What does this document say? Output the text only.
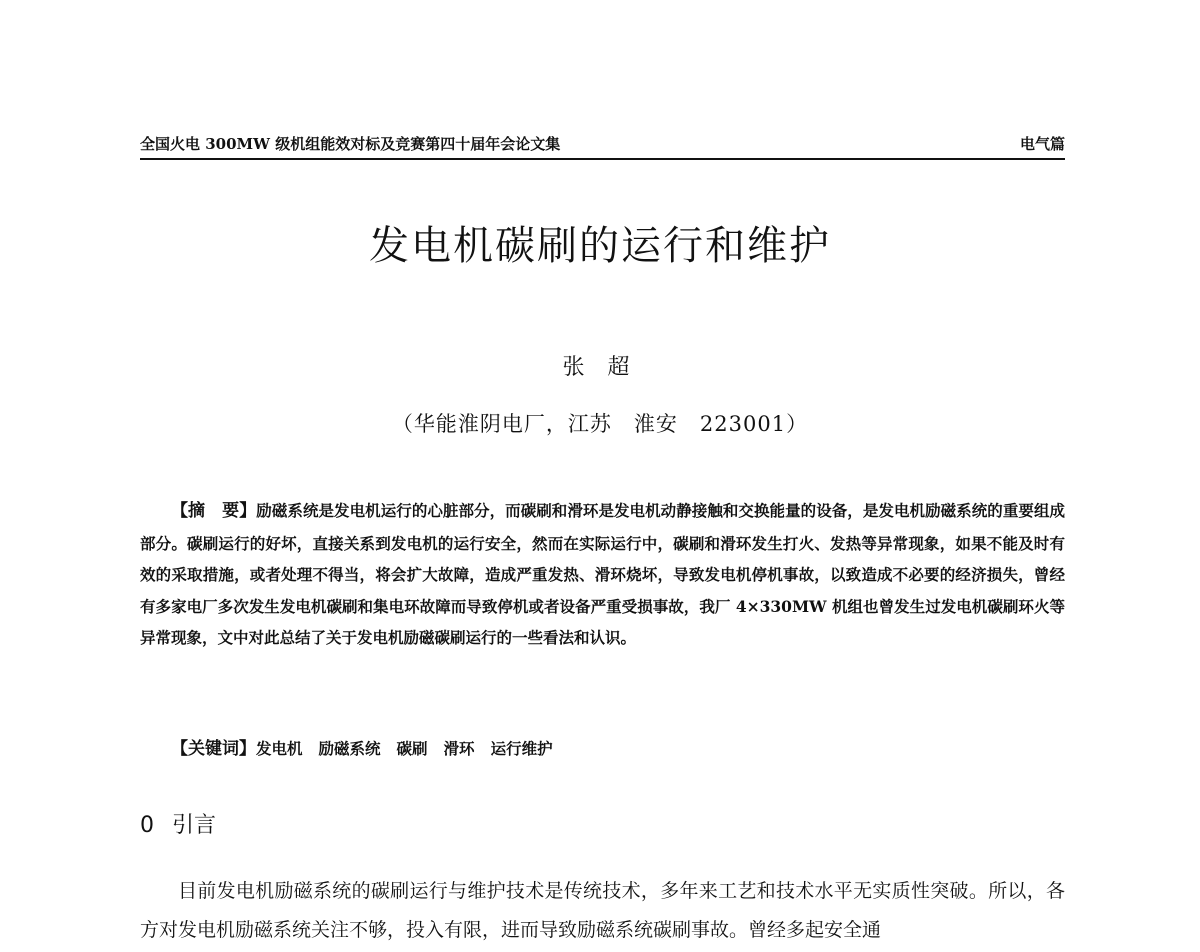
全国火电 300MW 级机组能效对标及竞赛第四十届年会论文集	电气篇
发电机碳刷的运行和维护
张 超
（华能淮阴电厂，江苏　淮安　223001）

【摘　要】励磁系统是发电机运行的心脏部分，而碳刷和滑环是发电机动静接触和交换能量的设备，是发电机励磁系统的重要组成部分。碳刷运行的好坏，直接关系到发电机的运行安全，然而在实际运行中，碳刷和滑环发生打火、发热等异常现象，如果不能及时有效的采取措施，或者处理不得当，将会扩大故障，造成严重发热、滑环烧坏，导致发电机停机事故，以致造成不必要的经济损失，曾经有多家电厂多次发生发电机碳刷和集电环故障而导致停机或者设备严重受损事故，我厂 4×330MW 机组也曾发生过发电机碳刷环火等异常现象，文中对此总结了关于发电机励磁碳刷运行的一些看法和认识。

【关键词】发电机 励磁系统 碳刷 滑环 运行维护
0 引言

目前发电机励磁系统的碳刷运行与维护技术是传统技术，多年来工艺和技术水平无实质性突破。所以，各方对发电机励磁系统关注不够，投入有限，进而导致励磁系统碳刷事故。曾经多起安全通
